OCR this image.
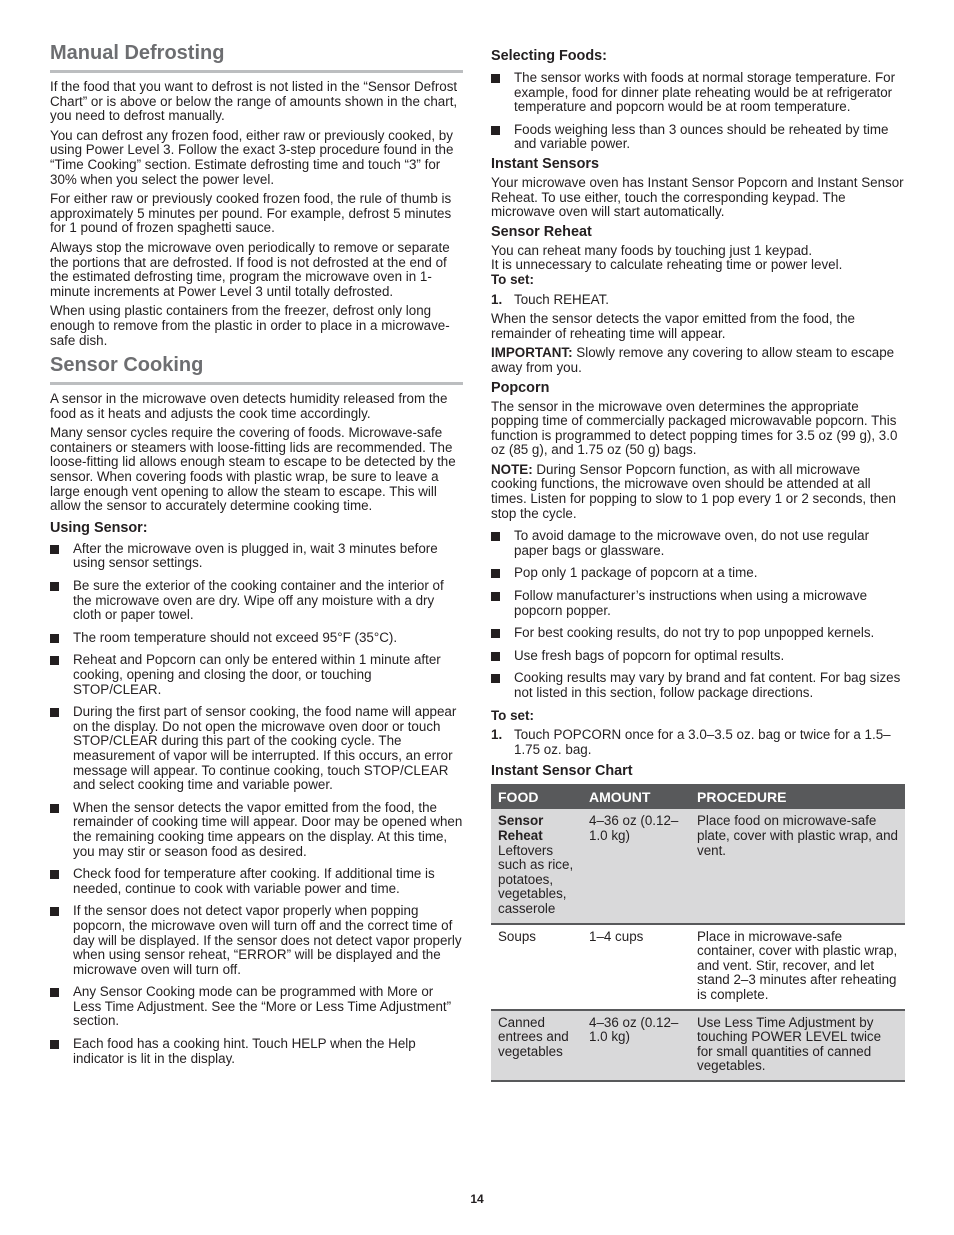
Manual Defrosting

If the food that you want to defrost is not listed in the “Sensor Defrost Chart” or is above or below the range of amounts shown in the chart, you need to defrost manually.

You can defrost any frozen food, either raw or previously cooked, by using Power Level 3. Follow the exact 3-step procedure found in the “Time Cooking” section. Estimate defrosting time and touch “3” for 30% when you select the power level.

For either raw or previously cooked frozen food, the rule of thumb is approximately 5 minutes per pound. For example, defrost 5 minutes for 1 pound of frozen spaghetti sauce.

Always stop the microwave oven periodically to remove or separate the portions that are defrosted. If food is not defrosted at the end of the estimated defrosting time, program the microwave oven in 1-minute increments at Power Level 3 until totally defrosted.

When using plastic containers from the freezer, defrost only long enough to remove from the plastic in order to place in a microwave-safe dish.

Sensor Cooking

A sensor in the microwave oven detects humidity released from the food as it heats and adjusts the cook time accordingly.

Many sensor cycles require the covering of foods. Microwave-safe containers or steamers with loose-fitting lids are recommended. The loose-fitting lid allows enough steam to escape to be detected by the sensor. When covering foods with plastic wrap, be sure to leave a large enough vent opening to allow the steam to escape. This will allow the sensor to accurately determine cooking time.

Using Sensor:
After the microwave oven is plugged in, wait 3 minutes before using sensor settings.
Be sure the exterior of the cooking container and the interior of the microwave oven are dry. Wipe off any moisture with a dry cloth or paper towel.
The room temperature should not exceed 95°F (35°C).
Reheat and Popcorn can only be entered within 1 minute after cooking, opening and closing the door, or touching STOP/CLEAR.
During the first part of sensor cooking, the food name will appear on the display. Do not open the microwave oven door or touch STOP/CLEAR during this part of the cooking cycle. The measurement of vapor will be interrupted. If this occurs, an error message will appear. To continue cooking, touch STOP/CLEAR and select cooking time and variable power.
When the sensor detects the vapor emitted from the food, the remainder of cooking time will appear. Door may be opened when the remaining cooking time appears on the display. At this time, you may stir or season food as desired.
Check food for temperature after cooking. If additional time is needed, continue to cook with variable power and time.
If the sensor does not detect vapor properly when popping popcorn, the microwave oven will turn off and the correct time of day will be displayed. If the sensor does not detect vapor properly when using sensor reheat, “ERROR” will be displayed and the microwave oven will turn off.
Any Sensor Cooking mode can be programmed with More or Less Time Adjustment. See the “More or Less Time Adjustment” section.
Each food has a cooking hint. Touch HELP when the Help indicator is lit in the display.
Selecting Foods:
The sensor works with foods at normal storage temperature. For example, food for dinner plate reheating would be at refrigerator temperature and popcorn would be at room temperature.
Foods weighing less than 3 ounces should be reheated by time and variable power.
Instant Sensors

Your microwave oven has Instant Sensor Popcorn and Instant Sensor Reheat. To use either, touch the corresponding keypad. The microwave oven will start automatically.

Sensor Reheat

You can reheat many foods by touching just 1 keypad.

It is unnecessary to calculate reheating time or power level.

To set:

1. Touch REHEAT.

When the sensor detects the vapor emitted from the food, the remainder of reheating time will appear.

IMPORTANT: Slowly remove any covering to allow steam to escape away from you.

Popcorn

The sensor in the microwave oven determines the appropriate popping time of commercially packaged microwavable popcorn. This function is programmed to detect popping times for 3.5 oz (99 g), 3.0 oz (85 g), and 1.75 oz (50 g) bags.

NOTE: During Sensor Popcorn function, as with all microwave cooking functions, the microwave oven should be attended at all times. Listen for popping to slow to 1 pop every 1 or 2 seconds, then stop the cycle.

To avoid damage to the microwave oven, do not use regular paper bags or glassware.
Pop only 1 package of popcorn at a time.
Follow manufacturer’s instructions when using a microwave popcorn popper.
For best cooking results, do not try to pop unpopped kernels.
Use fresh bags of popcorn for optimal results.
Cooking results may vary by brand and fat content. For bag sizes not listed in this section, follow package directions.

To set:

1. Touch POPCORN once for a 3.0–3.5 oz. bag or twice for a 1.5–1.75 oz. bag.

Instant Sensor Chart
FOOD	AMOUNT	PROCEDURE

Sensor Reheat
Leftovers such as rice, potatoes, vegetables, casserole	4–36 oz (0.12–1.0 kg)	Place food on microwave-safe plate, cover with plastic wrap, and vent.
Soups	1–4 cups	Place in microwave-safe container, cover with plastic wrap, and vent. Stir, recover, and let stand 2–3 minutes after reheating is complete.
Canned entrees and vegetables	4–36 oz (0.12–1.0 kg)	Use Less Time Adjustment by touching POWER LEVEL twice for small quantities of canned vegetables.
14
